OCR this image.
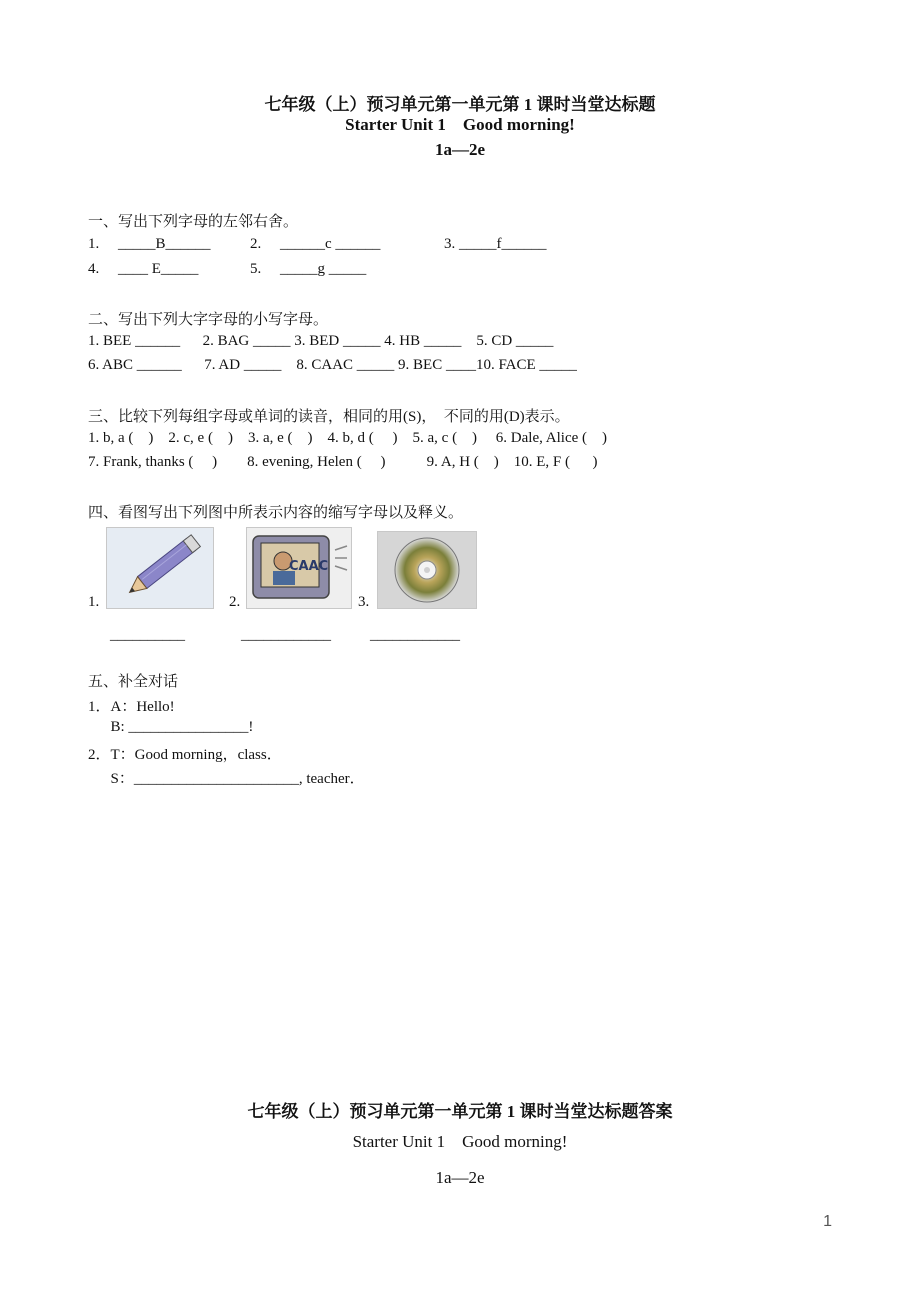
七年级（上）预习单元第一单元第 1 课时当堂达标题
Starter Unit 1    Good morning!
1a—2e
一、写出下列字母的左邻右舍。
1.     _____B______	2.     ______c ______	3. _____f______
4.     ____ E_____	5.     _____g _____
二、写出下列大字字母的小写字母。
1. BEE ______      2. BAG _____ 3. BED _____ 4. HB _____    5. CD _____
6. ABC ______      7. AD _____    8. CAAC _____ 9. BEC ____10. FACE _____
三、比较下列每组字母或单词的读音，相同的用(S)，  不同的用(D)表示。
1. b, a (    )    2. c, e (    )    3. a, e (    )    4. b, d (     )    5. a, c (    )     6. Dale, Alice (    )
7. Frank, thanks (     )        8. evening, Helen (     )           9. A, H (    )    10. E, F (      )
四、看图写出下列图中所表示内容的缩写字母以及释义。
1.	2.
CAAC
3.
__________	____________	____________
五、补全对话
1．A：Hello!
B: ________________!
2．T：Good morning，class．
S：______________________, teacher．
七年级（上）预习单元第一单元第 1 课时当堂达标题答案
Starter Unit 1    Good morning!
1a—2e
1
